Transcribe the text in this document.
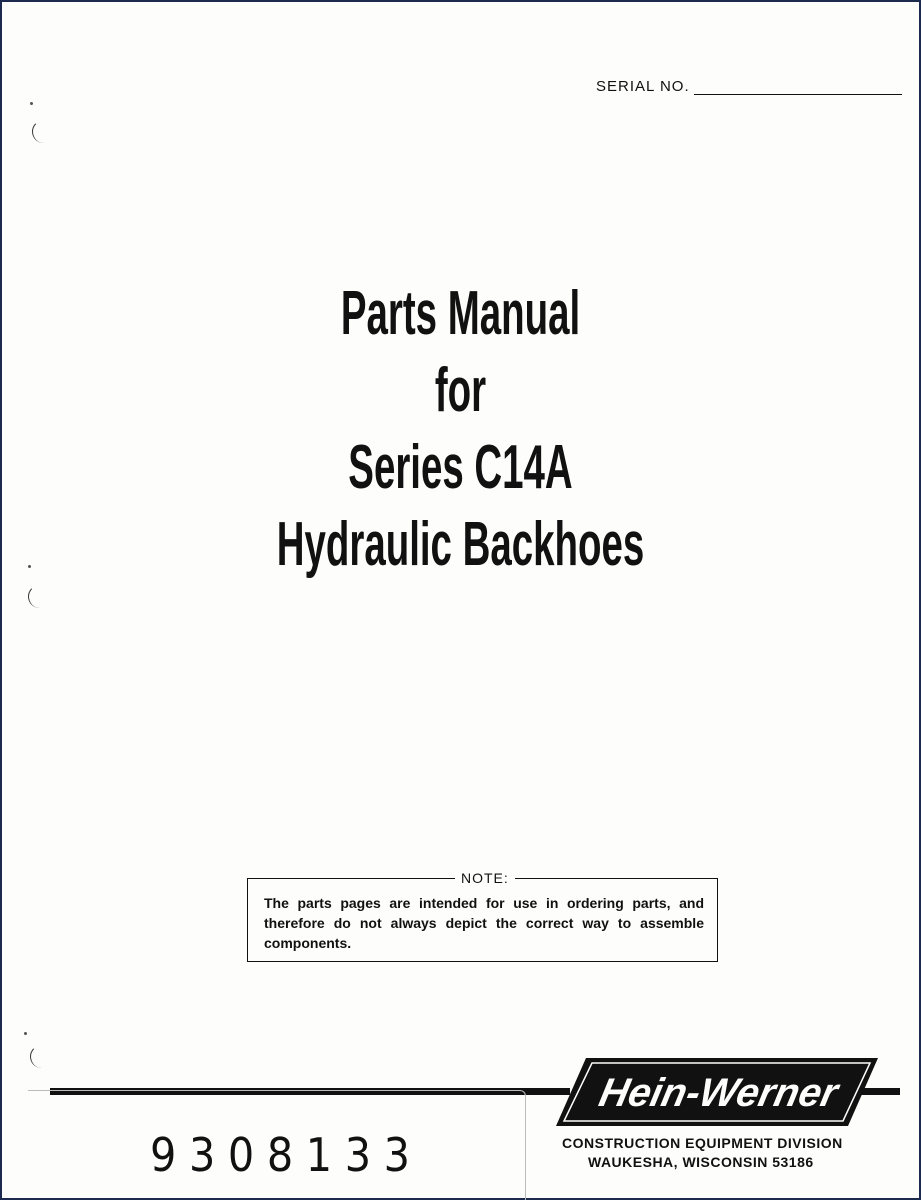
SERIAL NO.
Parts Manual
for
Series C14A
Hydraulic Backhoes
NOTE:
The parts pages are intended for use in ordering parts, and therefore do not always depict the correct way to assemble components.
Hein-Werner
CONSTRUCTION EQUIPMENT DIVISION
WAUKESHA, WISCONSIN 53186
9308133
